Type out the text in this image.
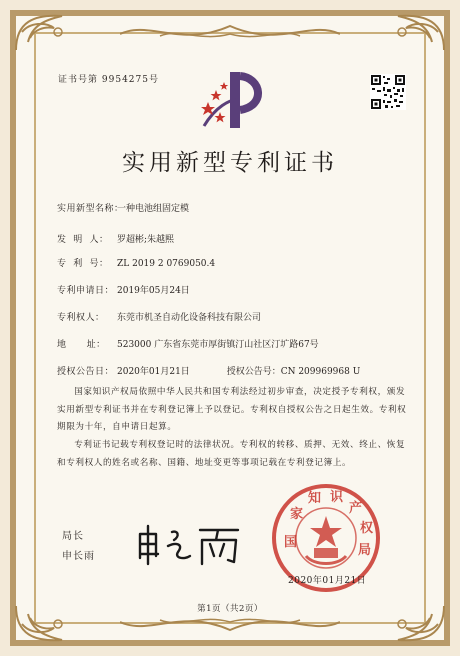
证书号第 9954275号
实用新型专利证书
实用新型名称：一种电池组固定模
发  明  人： 罗超彬;朱越熙
专  利  号： ZL 2019 2 0769050.4
专利申请日： 2019年05月24日
专利权人： 东莞市机圣自动化设备科技有限公司
地      址： 523000 广东省东莞市厚街镇汀山社区汀圹路67号
授权公告日： 2020年01月21日	授权公告号：CN 209969968 U

国家知识产权局依照中华人民共和国专利法经过初步审查，决定授予专利权，颁发实用新型专利证书并在专利登记簿上予以登记。专利权自授权公告之日起生效。专利权期限为十年，自申请日起算。

专利证书记载专利权登记时的法律状况。专利权的转移、质押、无效、终止、恢复和专利权人的姓名或名称、国籍、地址变更等事项记载在专利登记簿上。

局长
申长雨
国
家
知 识
产
权
局
2020年01月21日
第1页（共2页）
